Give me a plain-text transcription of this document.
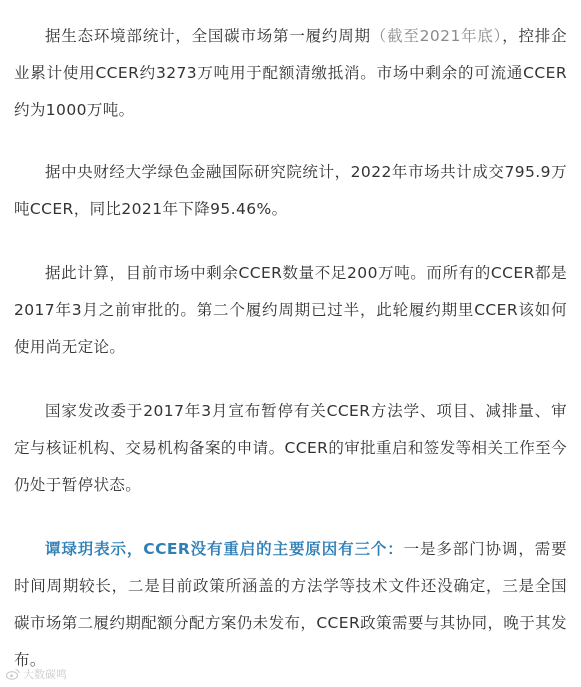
据生态环境部统计，全国碳市场第一履约周期（截至2021年底），控排企业累计使用CCER约3273万吨用于配额清缴抵消。市场中剩余的可流通CCER约为1000万吨。

据中央财经大学绿色金融国际研究院统计，2022年市场共计成交795.9万吨CCER，同比2021年下降95.46%。

据此计算，目前市场中剩余CCER数量不足200万吨。而所有的CCER都是2017年3月之前审批的。第二个履约周期已过半，此轮履约期里CCER该如何使用尚无定论。

国家发改委于2017年3月宣布暂停有关CCER方法学、项目、减排量、审定与核证机构、交易机构备案的申请。CCER的审批重启和签发等相关工作至今仍处于暂停状态。

谭琭玥表示，CCER没有重启的主要原因有三个：一是多部门协调，需要时间周期较长，二是目前政策所涵盖的方法学等技术文件还没确定，三是全国碳市场第二履约期配额分配方案仍未发布，CCER政策需要与其协同，晚于其发布。

大数碳鸣
